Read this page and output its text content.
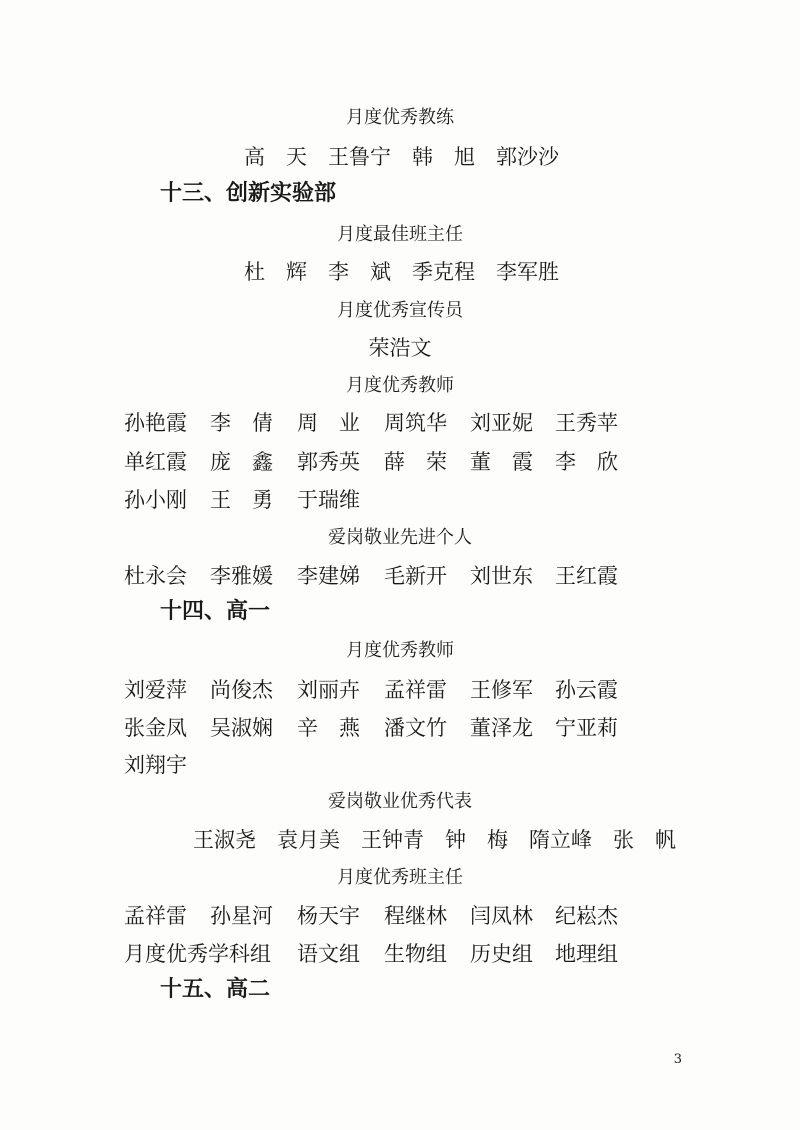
月度优秀教练
高　天　王鲁宁　韩　旭　郭沙沙
十三、创新实验部
月度最佳班主任
杜　辉　李　斌　季克程　李军胜
月度优秀宣传员
荣浩文
月度优秀教师
孙艳霞 李　倩 周　业 周筑华 刘亚妮 王秀苹
单红霞 庞　鑫 郭秀英 薛　荣 董　霞 李　欣
孙小刚 王　勇 于瑞维
爱岗敬业先进个人
杜永会 李雅媛 李建娣 毛新开 刘世东 王红霞
十四、高一
月度优秀教师
刘爱萍 尚俊杰 刘丽卉 孟祥雷 王修军 孙云霞
张金凤 吴淑娴 辛　燕 潘文竹 董泽龙 宁亚莉
刘翔宇
爱岗敬业优秀代表
王淑尧　袁月美　王钟青　钟　梅　隋立峰　张　帆
月度优秀班主任
孟祥雷 孙星河 杨天宇 程继林 闫凤林 纪崧杰
月度优秀学科组 语文组 生物组 历史组 地理组
十五、高二
3
